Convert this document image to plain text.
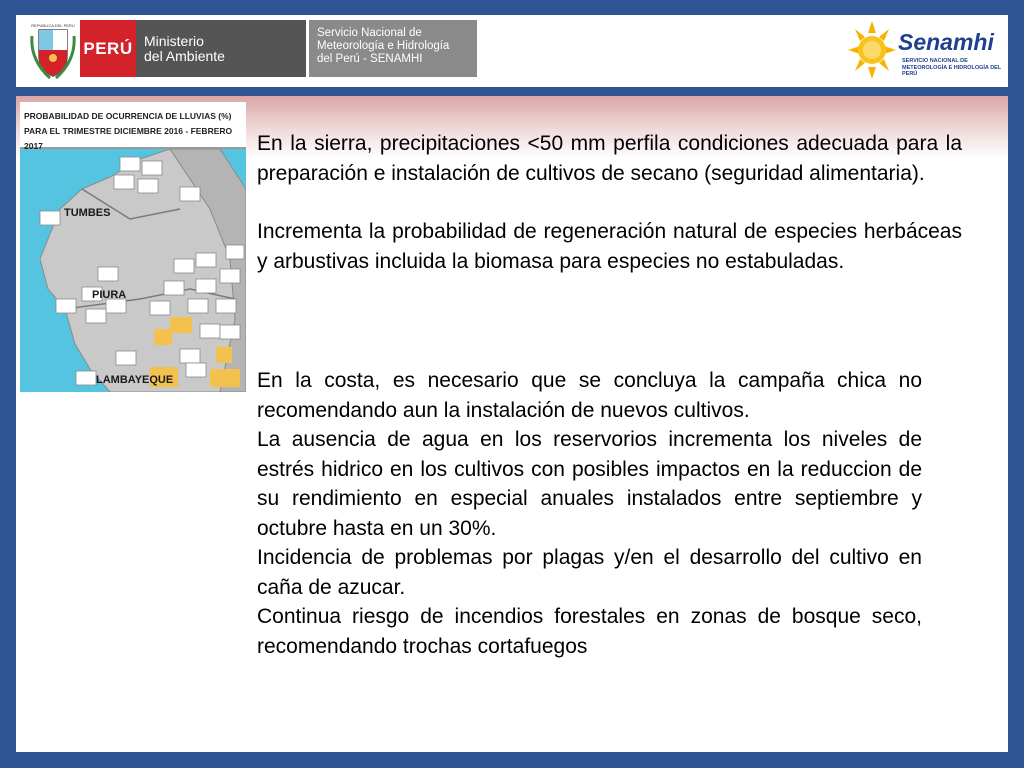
REPÚBLICA DEL PERÚ
PERÚ Ministerio
del Ambiente
Servicio Nacional de
Meteorología e Hidrología
del Perú - SENAMHI
Senamhi
SERVICIO NACIONAL DE METEOROLOGÍA E HIDROLOGÍA DEL PERÚ
PROBABILIDAD DE OCURRENCIA DE LLUVIAS (%)
PARA EL TRIMESTRE DICIEMBRE 2016 - FEBRERO 2017
TUMBES
PIURA
LAMBAYEQUE

En la sierra, precipitaciones <50 mm perfila condiciones adecuada para la preparación e instalación de cultivos de secano (seguridad alimentaria).

Incrementa la probabilidad de regeneración natural de especies herbáceas y arbustivas incluida la biomasa para especies no estabuladas.

En la costa, es necesario que se concluya la campaña chica no recomendando aun la instalación de nuevos cultivos.

La ausencia de agua en los reservorios incrementa los niveles de estrés hidrico en los cultivos con posibles impactos en la reduccion de su rendimiento en especial anuales instalados entre septiembre y octubre hasta en un 30%.

Incidencia de problemas por plagas y/en el desarrollo del cultivo en caña de azucar.

Continua riesgo de incendios forestales en zonas de bosque seco, recomendando trochas cortafuegos
